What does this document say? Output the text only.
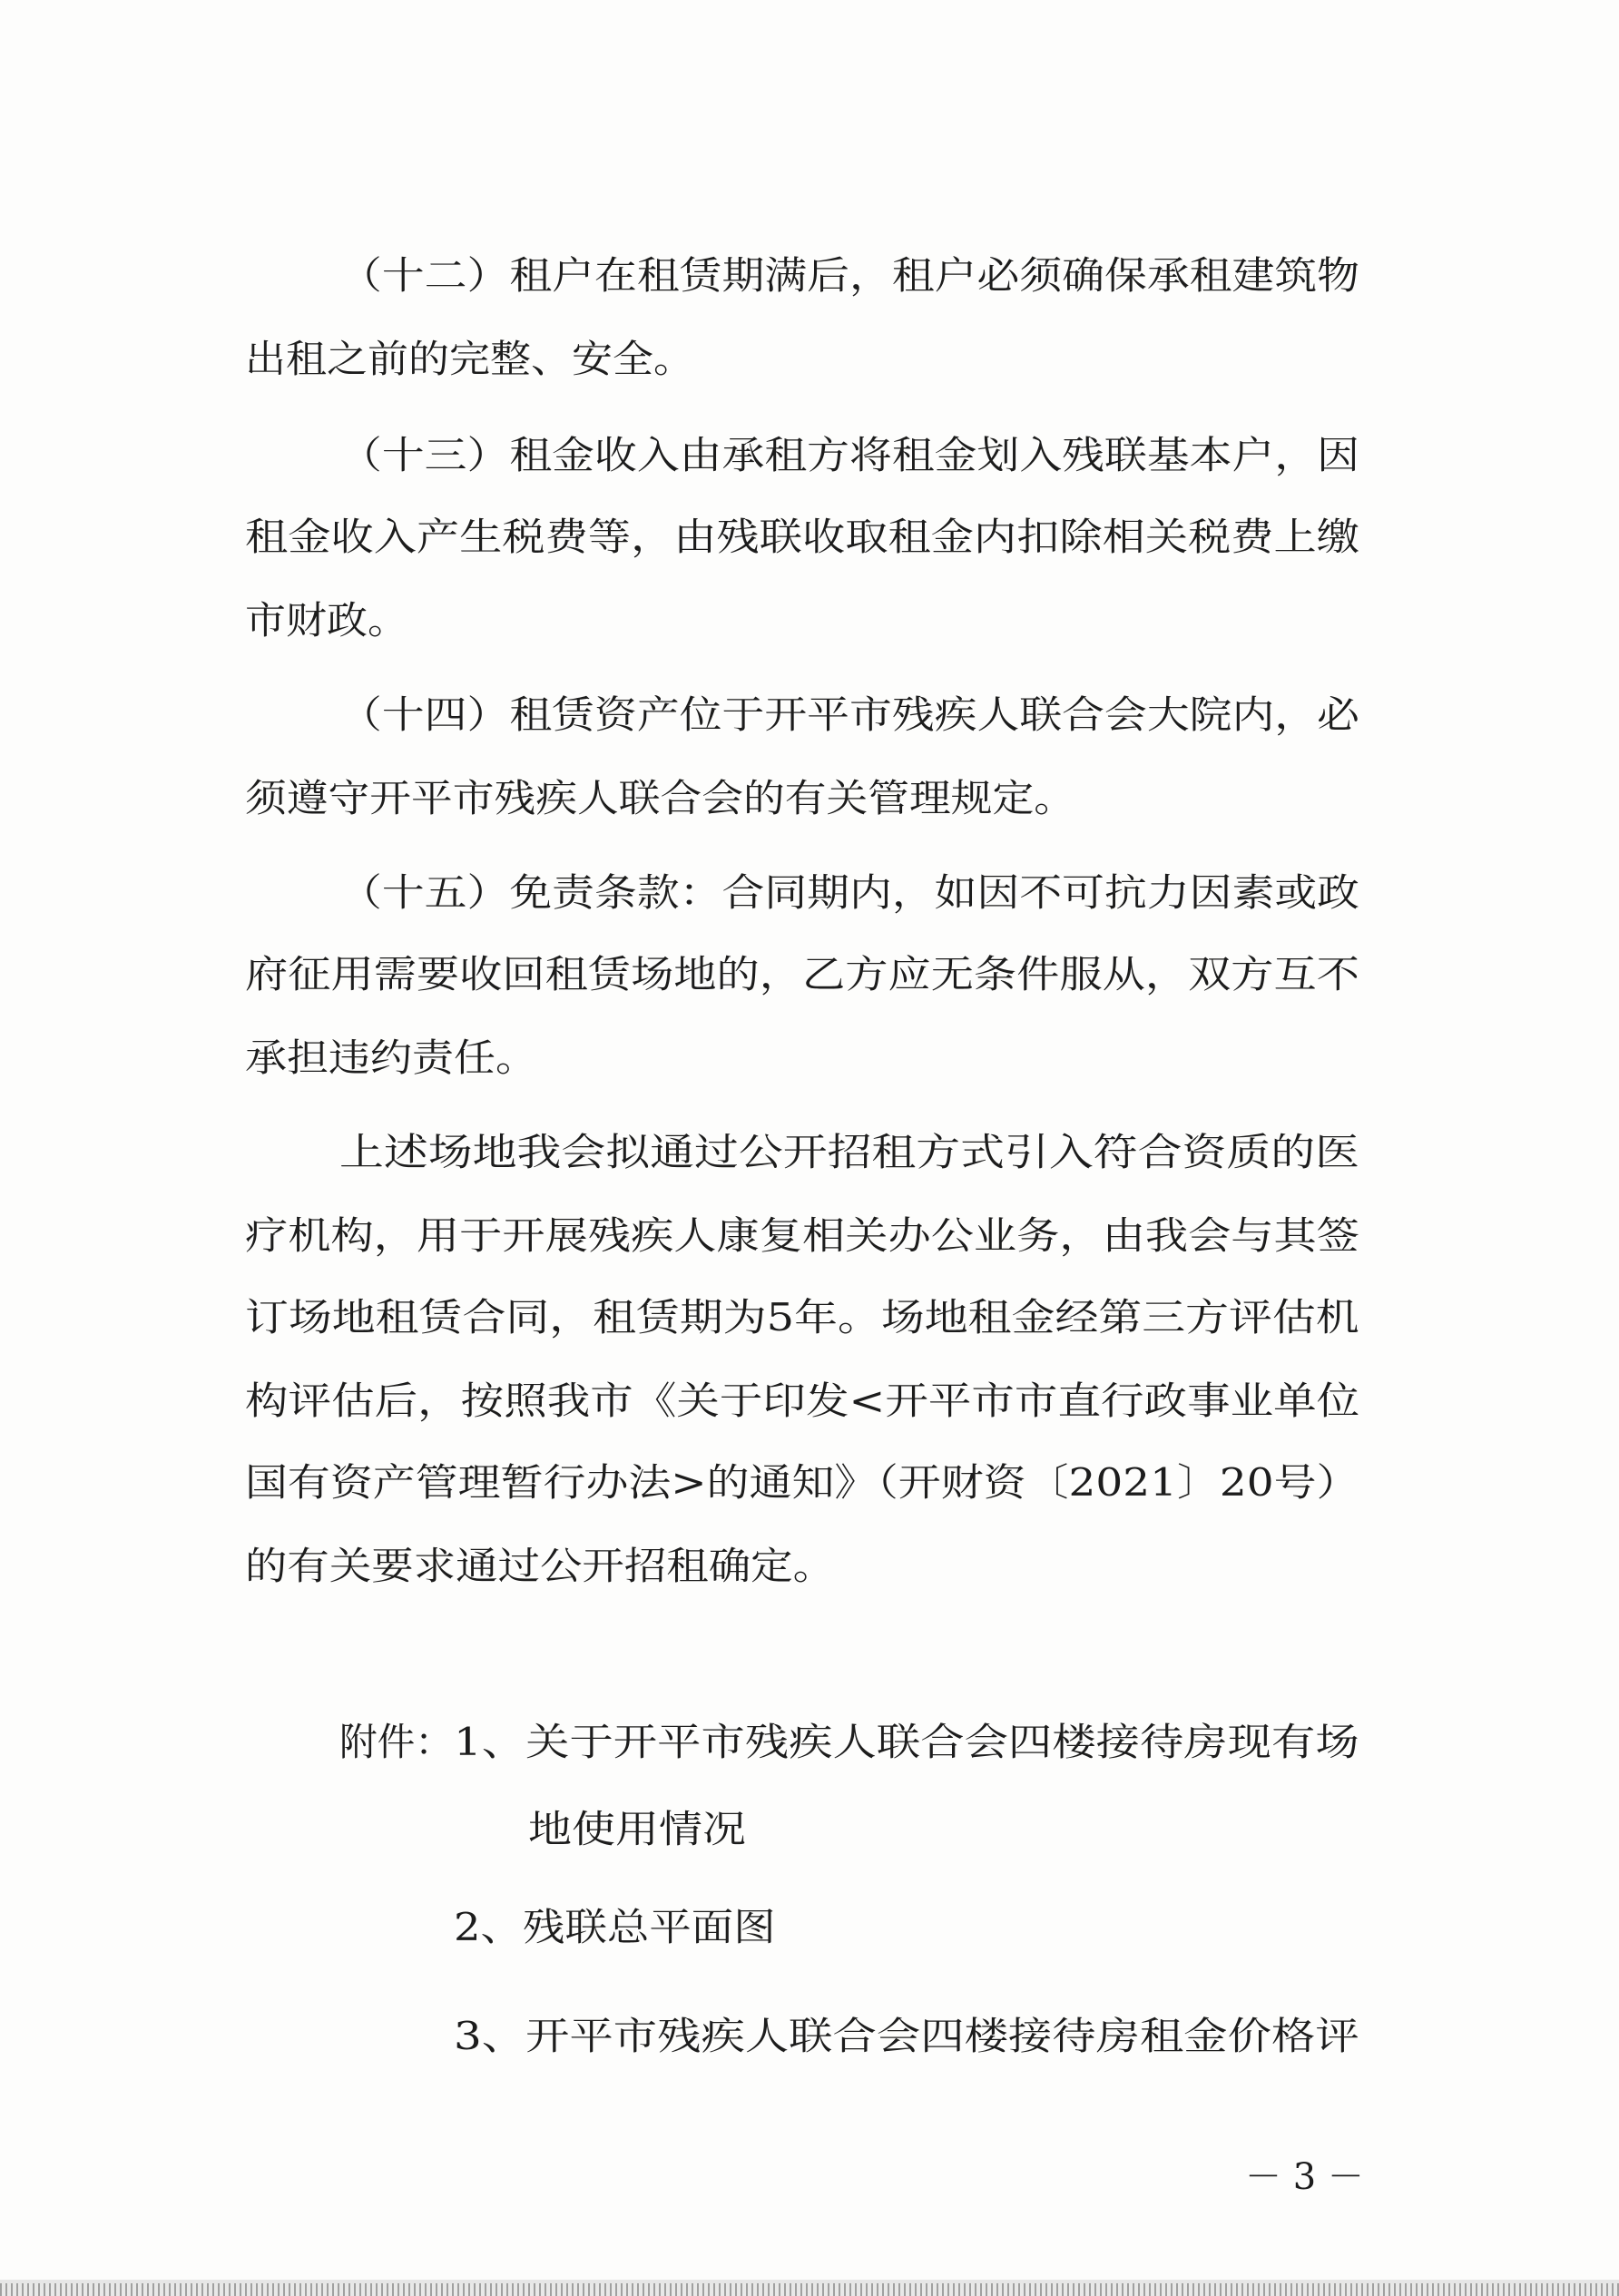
（十二）租户在租赁期满后，租户必须确保承租建筑物
出租之前的完整、安全。
（十三）租金收入由承租方将租金划入残联基本户，因
租金收入产生税费等，由残联收取租金内扣除相关税费上缴
市财政。
（十四）租赁资产位于开平市残疾人联合会大院内，必
须遵守开平市残疾人联合会的有关管理规定。
（十五）免责条款：合同期内，如因不可抗力因素或政
府征用需要收回租赁场地的，乙方应无条件服从，双方互不
承担违约责任。
上述场地我会拟通过公开招租方式引入符合资质的医
疗机构，用于开展残疾人康复相关办公业务，由我会与其签
订场地租赁合同，租赁期为5年。场地租金经第三方评估机
构评估后，按照我市《关于印发<开平市市直行政事业单位
国有资产管理暂行办法>的通知》（开财资〔2021〕20号）
的有关要求通过公开招租确定。
附件： 1、关于开平市残疾人联合会四楼接待房现有场
地使用情况
2、残联总平面图
3、开平市残疾人联合会四楼接待房租金价格评
－ 3 －
